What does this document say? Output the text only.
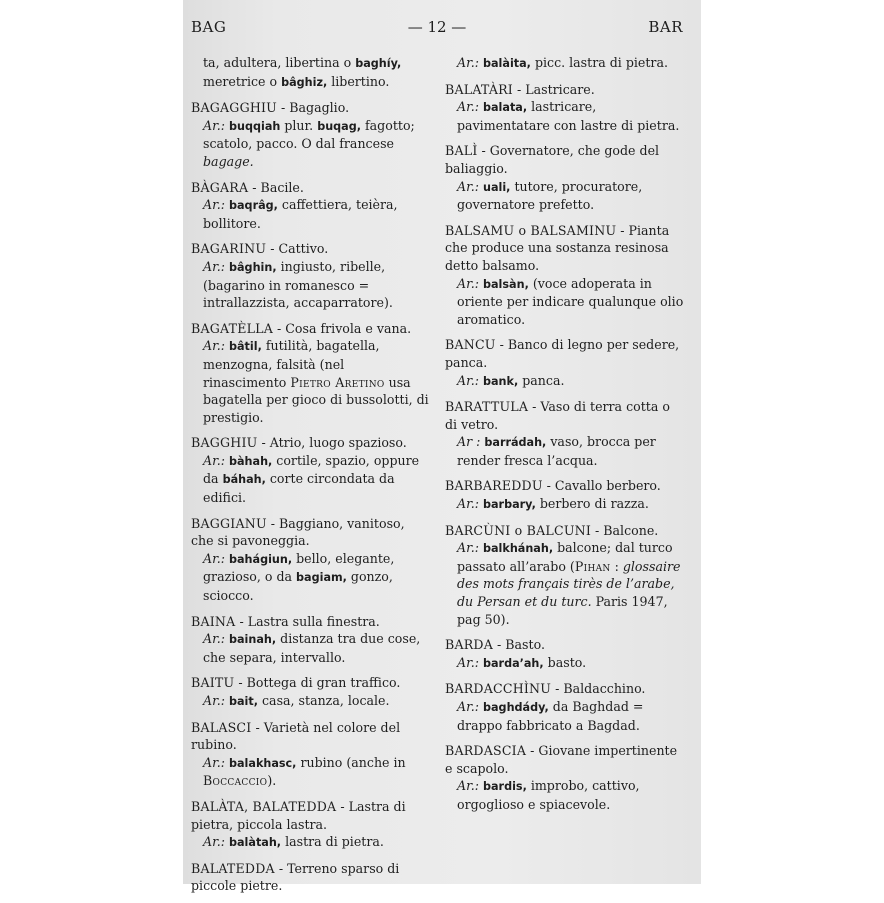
BAG	— 12 —	BAR

ta, adultera, libertina o baghíy,

meretrice o bâghiz, libertino.

BAGAGGHIU - Bagaglio.

Ar.: buqqiah plur. buqag, fagotto; scatolo, pacco. O dal francese bagage.

BÀGARA - Bacile.

Ar.: baqrâg, caffettiera, teièra, bollitore.

BAGARINU - Cattivo.

Ar.: bâghin, ingiusto, ribelle, (bagarino in romanesco = intrallazzista, accaparratore).

BAGATÈLLA - Cosa frivola e vana.

Ar.: bâtil, futilità, bagatella, menzogna, falsità (nel rinascimento Pietro Aretino usa bagatella per gioco di bussolotti, di prestigio.

BAGGHIU - Atrio, luogo spazioso.

Ar.: bàhah, cortile, spazio, oppure da báhah, corte circondata da edifici.

BAGGIANU - Baggiano, vanitoso, che si pavoneggia.

Ar.: bahágiun, bello, elegante, grazioso, o da bagiam, gonzo, sciocco.

BAINA - Lastra sulla finestra.

Ar.: bainah, distanza tra due cose, che separa, intervallo.

BAITU - Bottega di gran traffico.

Ar.: bait, casa, stanza, locale.

BALASCI - Varietà nel colore del rubino.

Ar.: balakhasc, rubino (anche in Boccaccio).

BALÀTA, BALATEDDA - Lastra di pietra, piccola lastra.

Ar.: balàtah, lastra di pietra.

BALATEDDA - Terreno sparso di piccole pietre.

Ar.: balàita, picc. lastra di pietra.

BALATÀRI - Lastricare.

Ar.: balata, lastricare, pavimentatare con lastre di pietra.

BALÌ - Governatore, che gode del baliaggio.

Ar.: uali, tutore, procuratore, governatore prefetto.

BALSAMU o BALSAMINU - Pianta che produce una sostanza resinosa detto balsamo.

Ar.: balsàn, (voce adoperata in oriente per indicare qualunque olio aromatico.

BANCU - Banco di legno per sedere, panca.

Ar.: bank, panca.

BARATTULA - Vaso di terra cotta o di vetro.

Ar : barrádah, vaso, brocca per render fresca l’acqua.

BARBAREDDU - Cavallo berbero.

Ar.: barbary, berbero di razza.

BARCÙNI o BALCUNI - Balcone.

Ar.: balkhánah, balcone; dal turco passato all’arabo (Pihan : glossaire des mots français tirès de l’arabe, du Persan et du turc. Paris 1947, pag 50).

BARDA - Basto.

Ar.: barda’ah, basto.

BARDACCHÌNU - Baldacchino.

Ar.: baghdády, da Baghdad = drappo fabbricato a Bagdad.

BARDASCIA - Giovane impertinente e scapolo.

Ar.: bardis, improbo, cattivo, orgoglioso e spiacevole.
